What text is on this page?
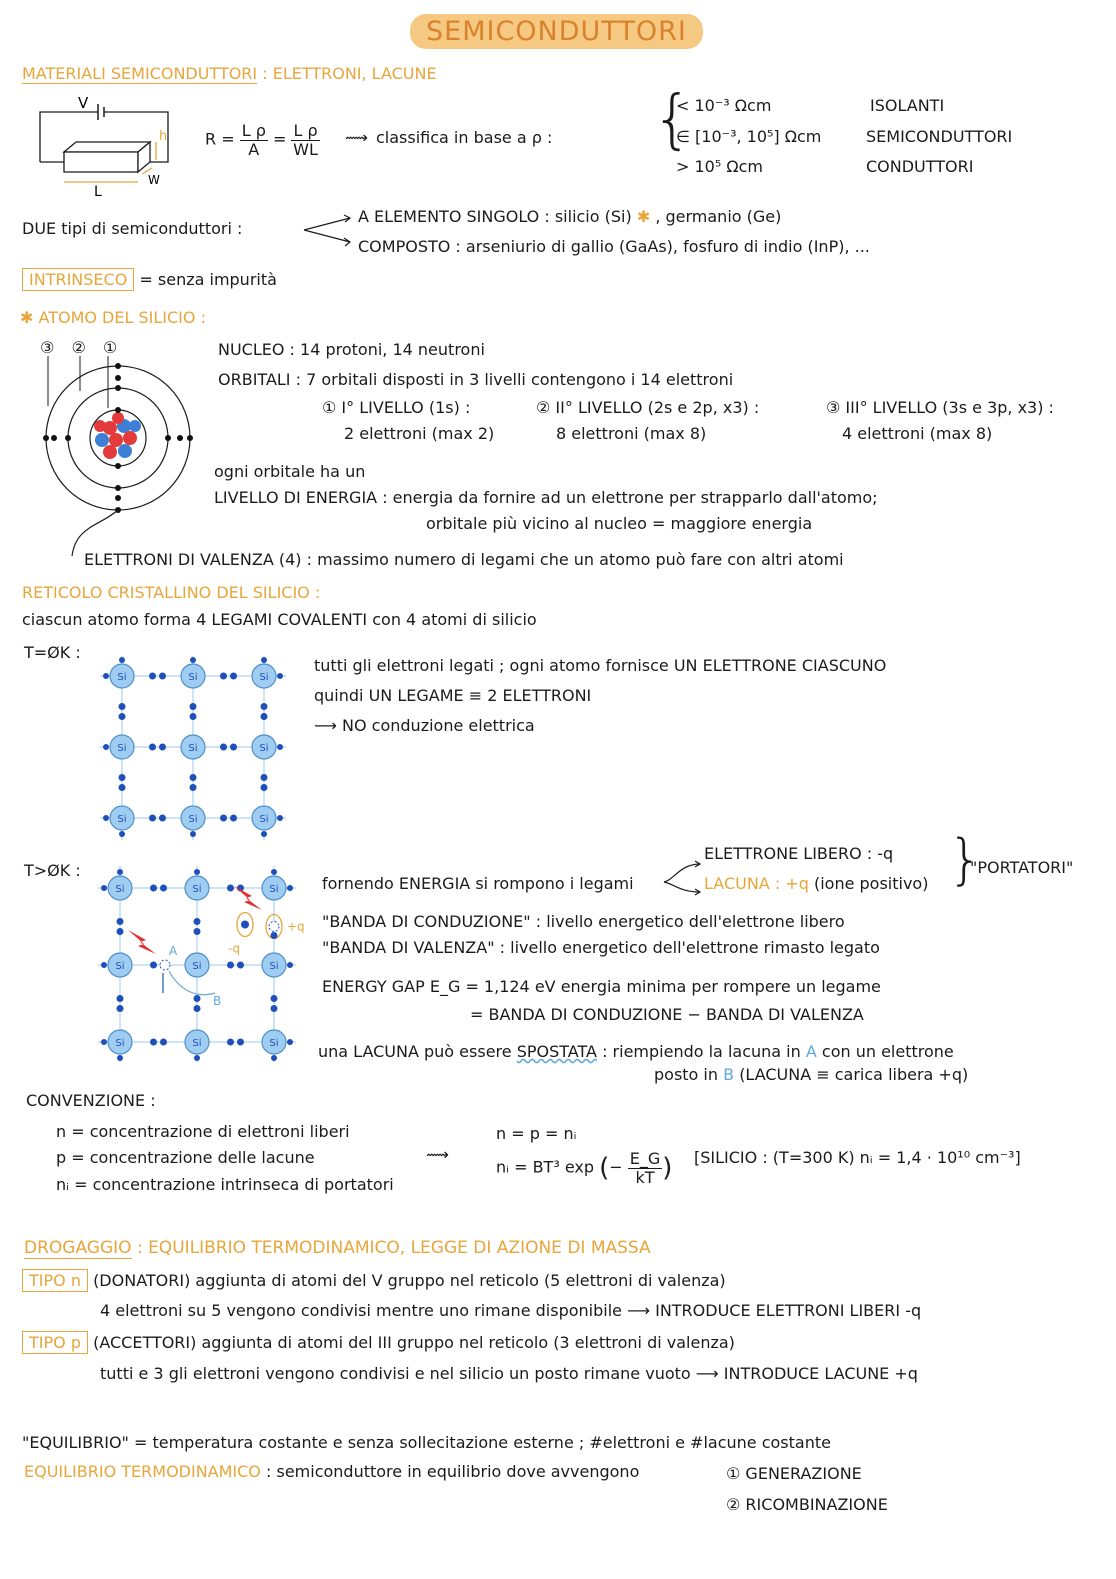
SEMICONDUTTORI
MATERIALI SEMICONDUTTORI : ELETTRONI, LACUNE
V
h
L
W
$R = \frac{\text{L ρ}}{A} = \frac{\text{L ρ}}{WL}$ ⟿ classifica in base a ρ : {
< 10⁻³ Ωcm	ISOLANTI
∈ [10⁻³, 10⁵] Ωcm	SEMICONDUTTORI
> 10⁵ Ωcm	CONDUTTORI
DUE tipi di semiconduttori :
A ELEMENTO SINGOLO : silicio (Si) ✱ , germanio (Ge)
COMPOSTO : arseniurio di gallio (GaAs), fosfuro di indio (InP), ...
INTRINSECO = senza impurità
✱ ATOMO DEL SILICIO :
③ ② ①	NUCLEO : 14 protoni, 14 neutroni
ORBITALI : 7 orbitali disposti in 3 livelli contengono i 14 elettroni
① I° LIVELLO (1s) :
2 elettroni (max 2)
② II° LIVELLO (2s e 2p, x3) :
8 elettroni (max 8)
③ III° LIVELLO (3s e 3p, x3) :
4 elettroni (max 8)
ogni orbitale ha un
LIVELLO DI ENERGIA : energia da fornire ad un elettrone per strapparlo dall'atomo;
orbitale più vicino al nucleo = maggiore energia
ELETTRONI DI VALENZA (4) : massimo numero di legami che un atomo può fare con altri atomi
RETICOLO CRISTALLINO DEL SILICIO :
ciascun atomo forma 4 LEGAMI COVALENTI con 4 atomi di silicio
T=ØK :
Si	Si	Si
Si	Si	Si
Si	Si	Si
tutti gli elettroni legati ; ogni atomo fornisce UN ELETTRONE CIASCUNO
quindi UN LEGAME ≡ 2 ELETTRONI
⟶ NO conduzione elettrica
T>ØK :
Si	Si	Si
Si	Si	Si
Si	Si	Si
+q
-q
A
B
fornendo ENERGIA si rompono i legami
ELETTRONE LIBERO : -q
LACUNA : +q (ione positivo) }
"PORTATORI"
"BANDA DI CONDUZIONE" : livello energetico dell'elettrone libero
"BANDA DI VALENZA" : livello energetico dell'elettrone rimasto legato
ENERGY GAP E_G = 1,124 eV energia minima per rompere un legame
= BANDA DI CONDUZIONE − BANDA DI VALENZA
una LACUNA può essere SPOSTATA : riempiendo la lacuna in A con un elettrone
posto in B (LACUNA ≡ carica libera +q)
CONVENZIONE :
n = concentrazione di elettroni liberi
p = concentrazione delle lacune
nᵢ = concentrazione intrinseca di portatori
⟿
n = p = nᵢ
nᵢ = BT³ exp (− $\frac{E\_G}{kT}$ ) [SILICIO : (T=300 K) nᵢ = 1,4 · 10¹⁰ cm⁻³]
DROGAGGIO : EQUILIBRIO TERMODINAMICO, LEGGE DI AZIONE DI MASSA
TIPO n (DONATORI) aggiunta di atomi del V gruppo nel reticolo (5 elettroni di valenza)
4 elettroni su 5 vengono condivisi mentre uno rimane disponibile ⟶ INTRODUCE ELETTRONI LIBERI -q
TIPO p (ACCETTORI) aggiunta di atomi del III gruppo nel reticolo (3 elettroni di valenza)
tutti e 3 gli elettroni vengono condivisi e nel silicio un posto rimane vuoto ⟶ INTRODUCE LACUNE +q
"EQUILIBRIO" = temperatura costante e senza sollecitazione esterne ; #elettroni e #lacune costante
EQUILIBRIO TERMODINAMICO : semiconduttore in equilibrio dove avvengono	① GENERAZIONE
② RICOMBINAZIONE
